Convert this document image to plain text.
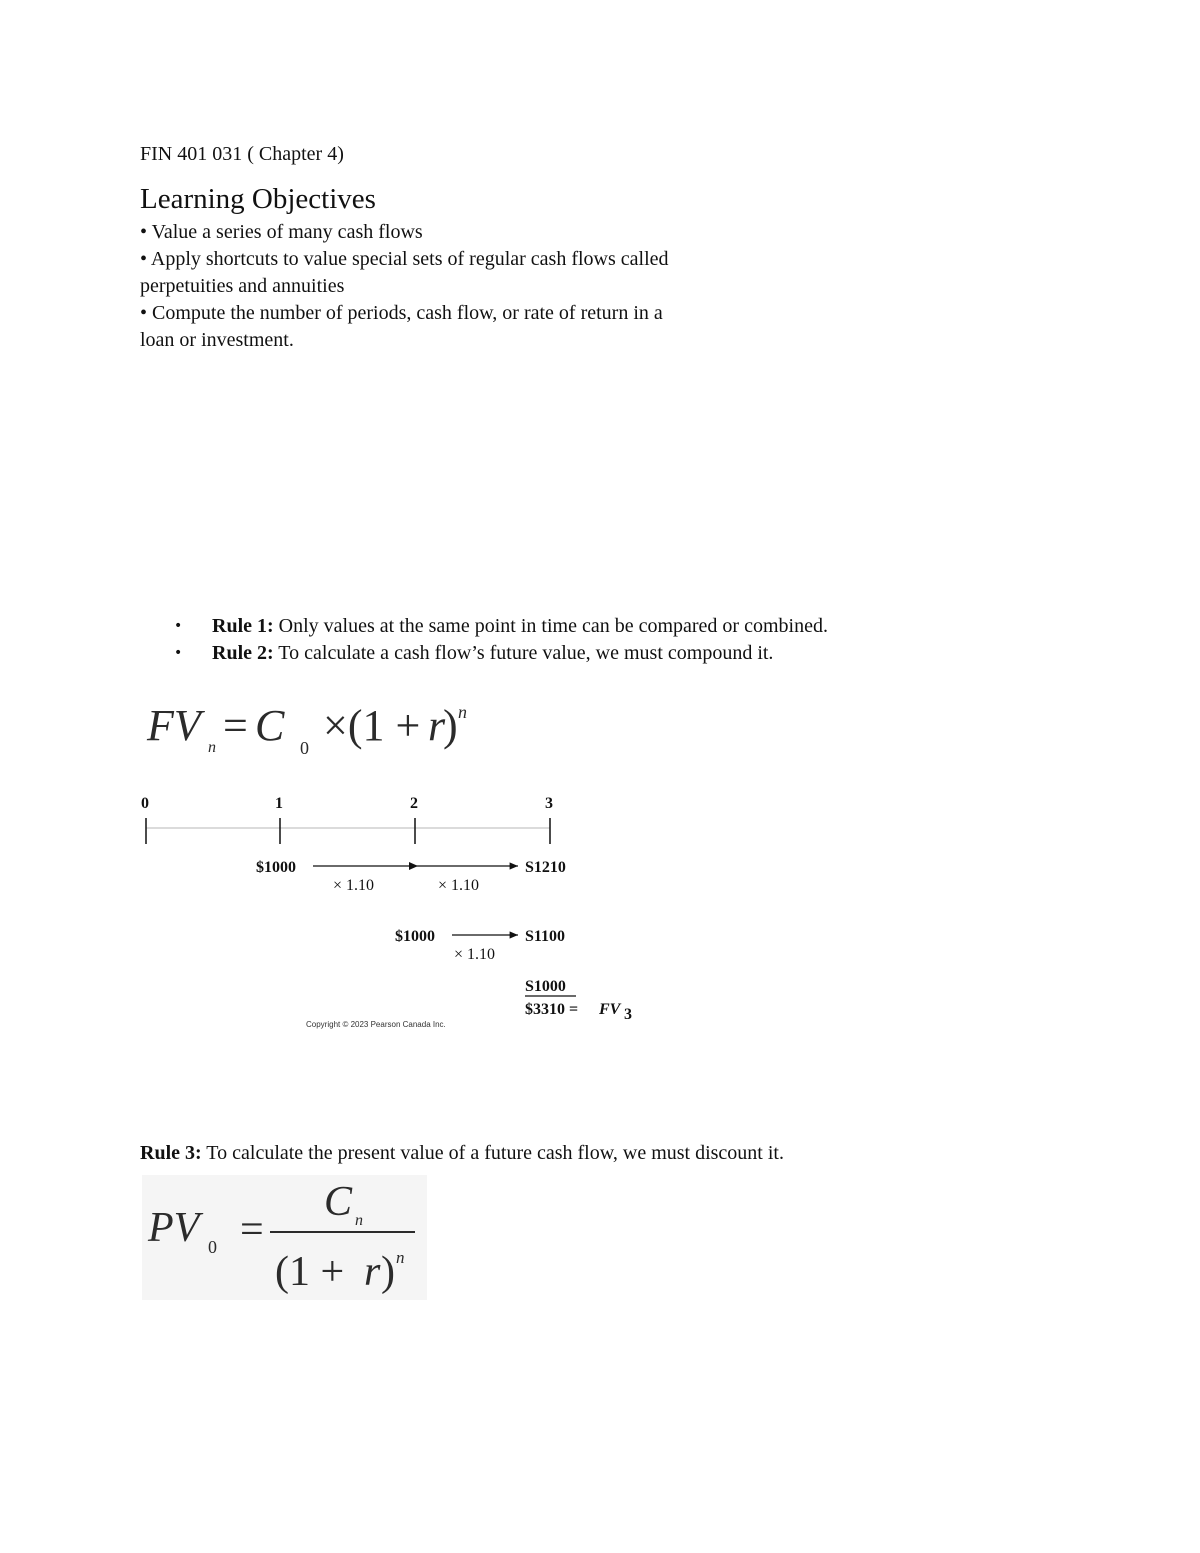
FIN 401 031 ( Chapter 4)
Learning Objectives
• Value a series of many cash flows
• Apply shortcuts to value special sets of regular cash flows called perpetuities and annuities
• Compute the number of periods, cash flow, or rate of return in a loan or investment.
• Rule 1: Only values at the same point in time can be compared or combined.
• Rule 2: To calculate a cash flow’s future value, we must compound it.
FV n = C 0 ×(1 + r
) n
0	1	2	3
$1000	S1210
× 1.10	× 1.10
$1000	S1100
× 1.10
S1000
$3310 = FV 3
Copyright © 2023 Pearson Canada Inc.
Rule 3: To calculate the present value of a future cash flow, we must discount it.
PV 0 =
C n
(1 + r ) n
